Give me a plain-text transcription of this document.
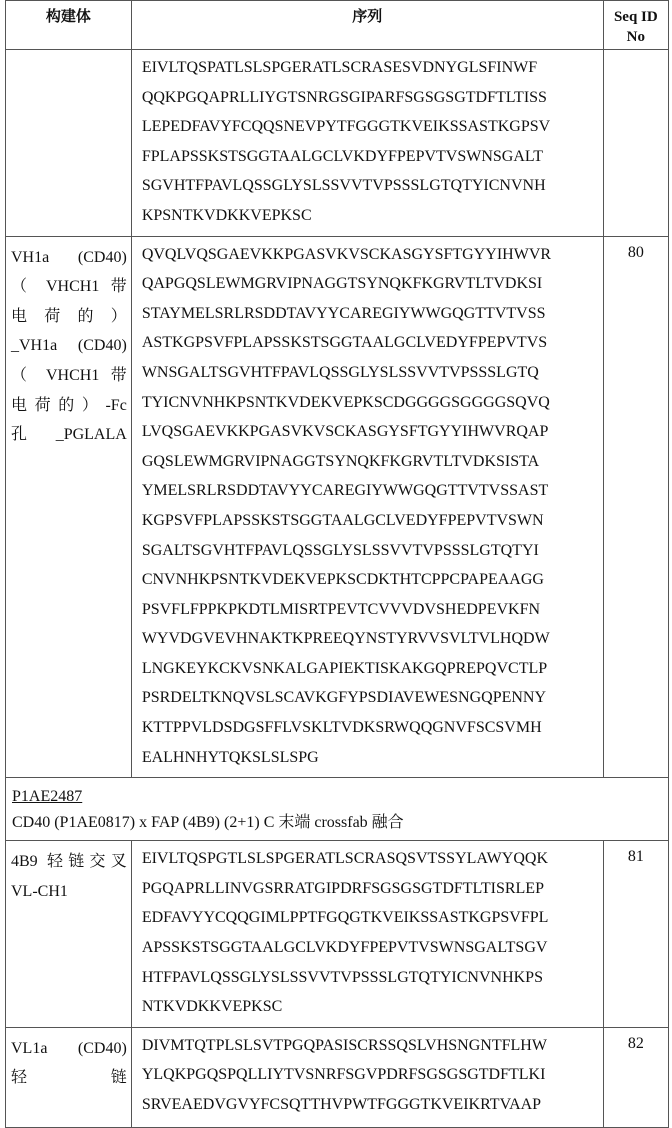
构建体	序列	Seq ID No

EIVLTQSPATLSLSPGERATLSCRASESVDNYGLSFINWF
QQKPGQAPRLLIYGTSNRGSGIPARFSGSGSGTDFTLTISS
LEPEDFAVYFCQQSNEVPYTFGGGTKVEIKSSASTKGPSV
FPLAPSSKSTSGGTAALGCLVKDYFPEPVTVSWNSGALT
SGVHTFPAVLQSSGLYSLSSVVTVPSSSLGTQTYICNVNH
KPSNTKVDKKVEPKSC

VH1a (CD40)
（ VHCH1 带
电 荷 的 ）
_VH1a (CD40)
（ VHCH1 带
电荷的）-Fc
孔_PGLALA

QVQLVQSGAEVKKPGASVKVSCKASGYSFTGYYIHWVR
QAPGQSLEWMGRVIPNAGGTSYNQKFKGRVTLTVDKSI
STAYMELSRLRSDDTAVYYCAREGIYWWGQGTTVTVSS
ASTKGPSVFPLAPSSKSTSGGTAALGCLVEDYFPEPVTVS
WNSGALTSGVHTFPAVLQSSGLYSLSSVVTVPSSSLGTQ
TYICNVNHKPSNTKVDEKVEPKSCDGGGGSGGGGSQVQ
LVQSGAEVKKPGASVKVSCKASGYSFTGYYIHWVRQAP
GQSLEWMGRVIPNAGGTSYNQKFKGRVTLTVDKSISTA
YMELSRLRSDDTAVYYCAREGIYWWGQGTTVTVSSAST
KGPSVFPLAPSSKSTSGGTAALGCLVEDYFPEPVTVSWN
SGALTSGVHTFPAVLQSSGLYSLSSVVTVPSSSLGTQTYI
CNVNHKPSNTKVDEKVEPKSCDKTHTCPPCPAPEAAGG
PSVFLFPPKPKDTLMISRTPEVTCVVVDVSHEDPEVKFN
WYVDGVEVHNAKTKPREEQYNSTYRVVSVLTVLHQDW
LNGKEYKCKVSNKALGAPIEKTISKAKGQPREPQVCTLP
PSRDELTKNQVSLSCAVKGFYPSDIAVEWESNGQPENNY
KTTPPVLDSDGSFFLVSKLTVDKSRWQQGNVFSCSVMH
EALHNHYTQKSLSLSPG
	80

P1AE2487
CD40 (P1AE0817) x FAP (4B9) (2+1) C 末端 crossfab 融合

4B9 轻链交叉
VL-CH1

EIVLTQSPGTLSLSPGERATLSCRASQSVTSSYLAWYQQK
PGQAPRLLINVGSRRATGIPDRFSGSGSGTDFTLTISRLEP
EDFAVYYCQQGIMLPPTFGQGTKVEIKSSASTKGPSVFPL
APSSKSTSGGTAALGCLVKDYFPEPVTVSWNSGALTSGV
HTFPAVLQSSGLYSLSSVVTVPSSSLGTQTYICNVNHKPS
NTKVDKKVEPKSC
	81

VL1a (CD40)
轻链

DIVMTQTPLSLSVTPGQPASISCRSSQSLVHSNGNTFLHW
YLQKPGQSPQLLIYTVSNRFSGVPDRFSGSGSGTDFTLKI
SRVEAEDVGVYFCSQTTHVPWTFGGGTKVEIKRTVAAP
	82
